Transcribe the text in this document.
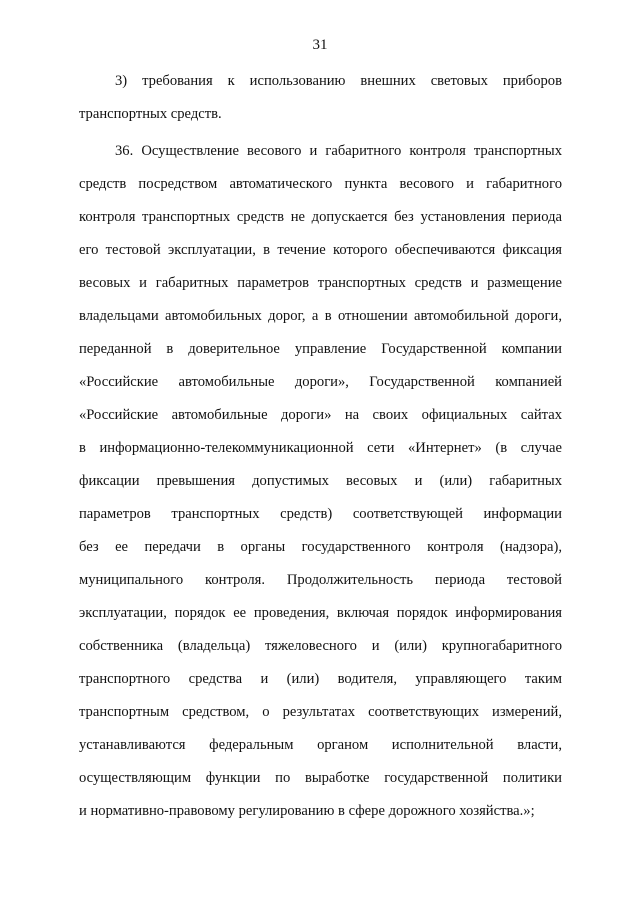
31
3) требования к использованию внешних световых приборов
транспортных средств.
36. Осуществление весового и габаритного контроля транспортных
средств посредством автоматического пункта весового и габаритного
контроля транспортных средств не допускается без установления периода
его тестовой эксплуатации, в течение которого обеспечиваются фиксация
весовых и габаритных параметров транспортных средств и размещение
владельцами автомобильных дорог, а в отношении автомобильной дороги,
переданной в доверительное управление Государственной компании
«Российские автомобильные дороги», Государственной компанией
«Российские автомобильные дороги» на своих официальных сайтах
в информационно-телекоммуникационной сети «Интернет» (в случае
фиксации превышения допустимых весовых и (или) габаритных
параметров транспортных средств) соответствующей информации
без ее передачи в органы государственного контроля (надзора),
муниципального контроля. Продолжительность периода тестовой
эксплуатации, порядок ее проведения, включая порядок информирования
собственника (владельца) тяжеловесного и (или) крупногабаритного
транспортного средства и (или) водителя, управляющего таким
транспортным средством, о результатах соответствующих измерений,
устанавливаются федеральным органом исполнительной власти,
осуществляющим функции по выработке государственной политики
и нормативно-правовому регулированию в сфере дорожного хозяйства.»;
